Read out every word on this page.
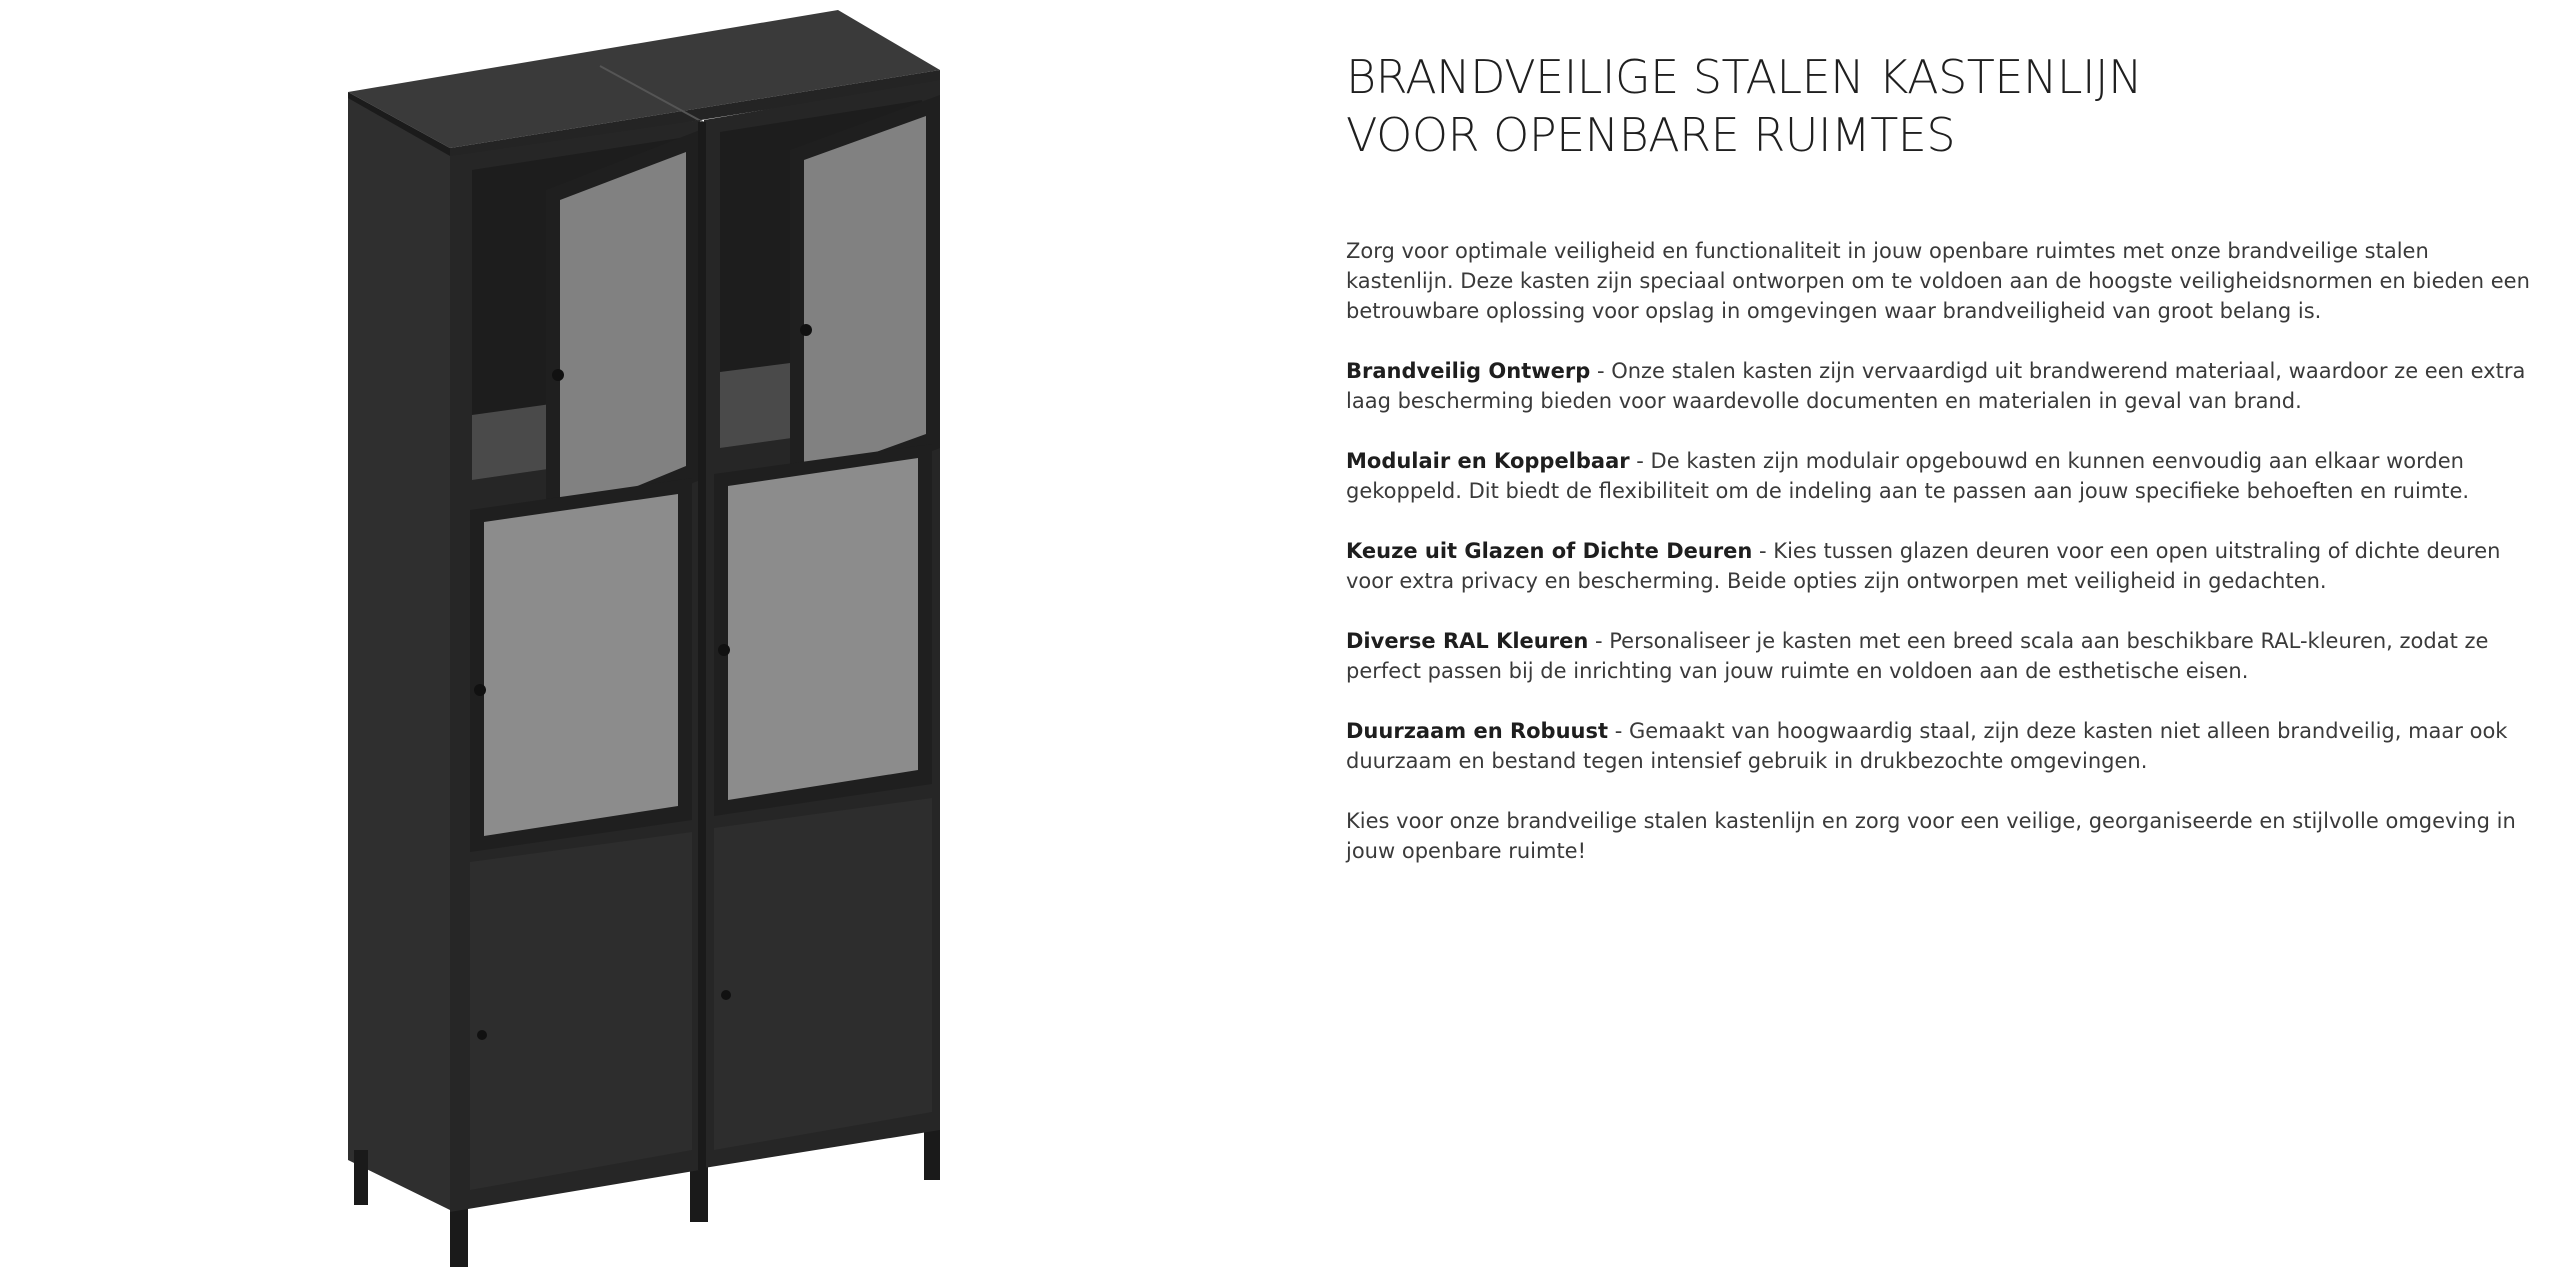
BRANDVEILIGE STALEN KASTENLIJN
VOOR OPENBARE RUIMTES

Zorg voor optimale veiligheid en functionaliteit in jouw openbare ruimtes met onze brandveilige stalen kastenlijn. Deze kasten zijn speciaal ontworpen om te voldoen aan de hoogste veiligheidsnormen en bieden een betrouwbare oplossing voor opslag in omgevingen waar brandveiligheid van groot belang is.

Brandveilig Ontwerp - Onze stalen kasten zijn vervaardigd uit brandwerend materiaal, waardoor ze een extra laag bescherming bieden voor waardevolle documenten en materialen in geval van brand.

Modulair en Koppelbaar - De kasten zijn modulair opgebouwd en kunnen eenvoudig aan elkaar worden gekoppeld. Dit biedt de flexibiliteit om de indeling aan te passen aan jouw specifieke behoeften en ruimte.

Keuze uit Glazen of Dichte Deuren - Kies tussen glazen deuren voor een open uitstraling of dichte deuren voor extra privacy en bescherming. Beide opties zijn ontworpen met veiligheid in gedachten.

Diverse RAL Kleuren - Personaliseer je kasten met een breed scala aan beschikbare RAL-kleuren, zodat ze perfect passen bij de inrichting van jouw ruimte en voldoen aan de esthetische eisen.

Duurzaam en Robuust - Gemaakt van hoogwaardig staal, zijn deze kasten niet alleen brandveilig, maar ook duurzaam en bestand tegen intensief gebruik in drukbezochte omgevingen.

Kies voor onze brandveilige stalen kastenlijn en zorg voor een veilige, georganiseerde en stijlvolle omgeving in jouw openbare ruimte!
